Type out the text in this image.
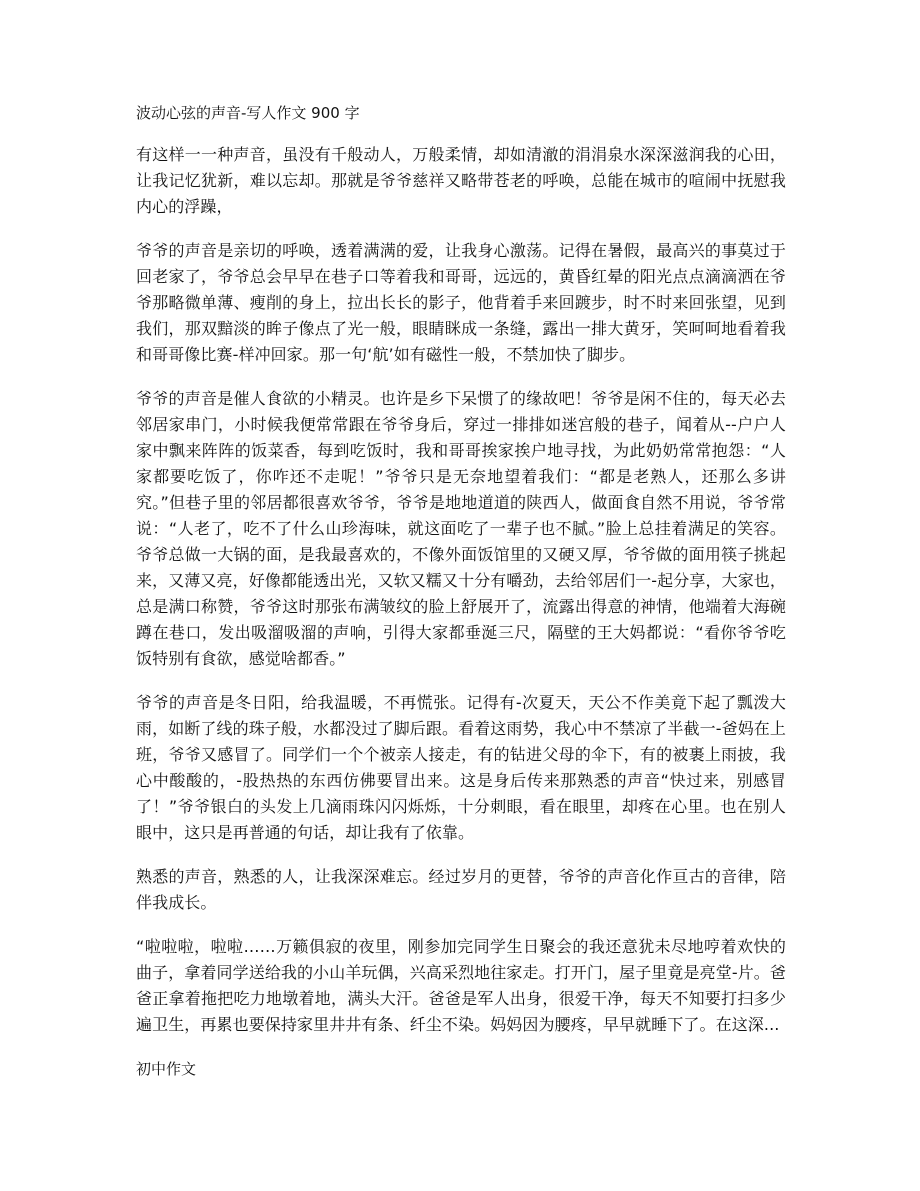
波动心弦的声音-写人作文 900 字

有这样一一种声音，虽没有千般动人，万般柔情，却如清澈的涓涓泉水深深滋润我的心田，让我记忆犹新，难以忘却。那就是爷爷慈祥又略带苍老的呼唤，总能在城市的喧闹中抚慰我内心的浮躁，

爷爷的声音是亲切的呼唤，透着满满的爱，让我身心激荡。记得在暑假，最高兴的事莫过于回老家了，爷爷总会早早在巷子口等着我和哥哥，远远的，黄昏红晕的阳光点点滴滴洒在爷爷那略微单薄、瘦削的身上，拉出长长的影子，他背着手来回踱步，时不时来回张望，见到我们，那双黯淡的眸子像点了光一般，眼睛眯成一条缝，露出一排大黄牙，笑呵呵地看着我和哥哥像比赛-样冲回家。那一句‘航’如有磁性一般，不禁加快了脚步。

爷爷的声音是催人食欲的小精灵。也许是乡下呆惯了的缘故吧！爷爷是闲不住的，每天必去邻居家串门，小时候我便常常跟在爷爷身后，穿过一排排如迷宫般的巷子，闻着从--户户人家中飘来阵阵的饭菜香，每到吃饭时，我和哥哥挨家挨户地寻找，为此奶奶常常抱怨：“人家都要吃饭了，你咋还不走呢！”爷爷只是无奈地望着我们：“都是老熟人，还那么多讲究。”但巷子里的邻居都很喜欢爷爷，爷爷是地地道道的陕西人，做面食自然不用说，爷爷常说：“人老了，吃不了什么山珍海味，就这面吃了一辈子也不腻。”脸上总挂着满足的笑容。爷爷总做一大锅的面，是我最喜欢的，不像外面饭馆里的又硬又厚，爷爷做的面用筷子挑起来，又薄又亮，好像都能透出光，又软又糯又十分有嚼劲，去给邻居们一-起分享，大家也，总是满口称赞，爷爷这时那张布满皱纹的脸上舒展开了，流露出得意的神情，他端着大海碗蹲在巷口，发出吸溜吸溜的声响，引得大家都垂涎三尺，隔壁的王大妈都说：“看你爷爷吃饭特别有食欲，感觉啥都香。”

爷爷的声音是冬日阳，给我温暖，不再慌张。记得有-次夏天，天公不作美竟下起了瓢泼大雨，如断了线的珠子般，水都没过了脚后跟。看着这雨势，我心中不禁凉了半截一-爸妈在上班，爷爷又感冒了。同学们一个个被亲人接走，有的钻进父母的伞下，有的被裹上雨披，我心中酸酸的，-股热热的东西仿佛要冒出来。这是身后传来那熟悉的声音“快过来，别感冒了！”爷爷银白的头发上几滴雨珠闪闪烁烁，十分刺眼，看在眼里，却疼在心里。也在别人眼中，这只是再普通的句话，却让我有了依靠。

熟悉的声音，熟悉的人，让我深深难忘。经过岁月的更替，爷爷的声音化作亘古的音律，陪伴我成长。

“啦啦啦，啦啦……万籁俱寂的夜里，刚参加完同学生日聚会的我还意犹未尽地哼着欢快的曲子，拿着同学送给我的小山羊玩偶，兴高采烈地往家走。打开门，屋子里竟是亮堂-片。爸爸正拿着拖把吃力地墩着地，满头大汗。爸爸是军人出身，很爱干净，每天不知要打扫多少遍卫生，再累也要保持家里井井有条、纤尘不染。妈妈因为腰疼，早早就睡下了。在这深...

初中作文
